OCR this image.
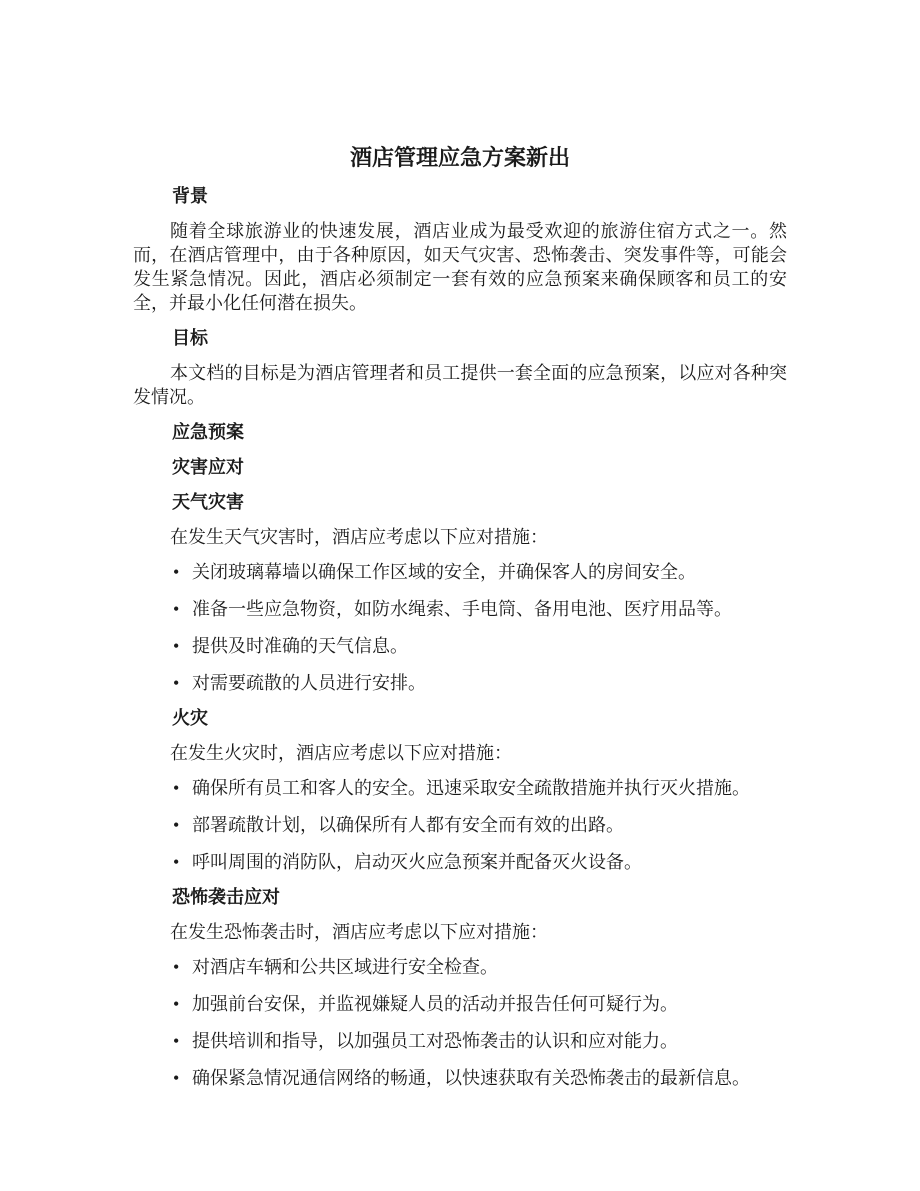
酒店管理应急方案新出
背景

随着全球旅游业的快速发展，酒店业成为最受欢迎的旅游住宿方式之一。然而，在酒店管理中，由于各种原因，如天气灾害、恐怖袭击、突发事件等，可能会发生紧急情况。因此，酒店必须制定一套有效的应急预案来确保顾客和员工的安全，并最小化任何潜在损失。

目标

本文档的目标是为酒店管理者和员工提供一套全面的应急预案，以应对各种突发情况。

应急预案
灾害应对
天气灾害

在发生天气灾害时，酒店应考虑以下应对措施：

• 关闭玻璃幕墙以确保工作区域的安全，并确保客人的房间安全。
• 准备一些应急物资，如防水绳索、手电筒、备用电池、医疗用品等。
• 提供及时准确的天气信息。
• 对需要疏散的人员进行安排。
火灾

在发生火灾时，酒店应考虑以下应对措施：

• 确保所有员工和客人的安全。迅速采取安全疏散措施并执行灭火措施。
• 部署疏散计划，以确保所有人都有安全而有效的出路。
• 呼叫周围的消防队，启动灭火应急预案并配备灭火设备。
恐怖袭击应对

在发生恐怖袭击时，酒店应考虑以下应对措施：

• 对酒店车辆和公共区域进行安全检查。
• 加强前台安保，并监视嫌疑人员的活动并报告任何可疑行为。
• 提供培训和指导，以加强员工对恐怖袭击的认识和应对能力。
• 确保紧急情况通信网络的畅通，以快速获取有关恐怖袭击的最新信息。
